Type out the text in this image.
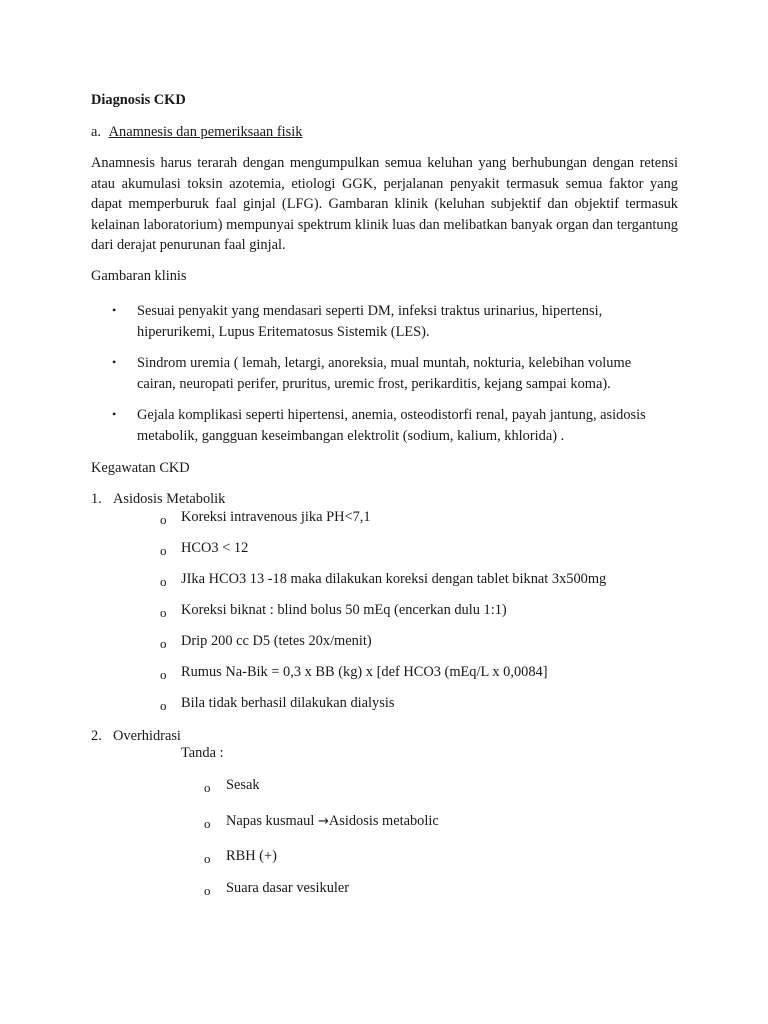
Diagnosis CKD
a. Anamnesis dan pemeriksaan fisik
Anamnesis harus terarah dengan mengumpulkan semua keluhan yang berhubungan dengan retensi atau akumulasi toksin azotemia, etiologi GGK, perjalanan penyakit termasuk semua faktor yang dapat memperburuk faal ginjal (LFG). Gambaran klinik (keluhan subjektif dan objektif termasuk kelainan laboratorium) mempunyai spektrum klinik luas dan melibatkan banyak organ dan tergantung dari derajat penurunan faal ginjal.
Gambaran klinis
•	Sesuai penyakit yang mendasari seperti DM, infeksi traktus urinarius, hipertensi,
hiperurikemi, Lupus Eritematosus Sistemik (LES).
•	Sindrom uremia ( lemah, letargi, anoreksia, mual muntah, nokturia, kelebihan volume
cairan, neuropati perifer, pruritus, uremic frost, perikarditis, kejang sampai koma).
•	Gejala komplikasi seperti hipertensi, anemia, osteodistorfi renal, payah jantung, asidosis
metabolik, gangguan keseimbangan elektrolit (sodium, kalium, khlorida) .
Kegawatan CKD
1. Asidosis Metabolik
o Koreksi intravenous jika PH<7,1
o HCO3 < 12
o JIka HCO3 13 -18 maka dilakukan koreksi dengan tablet biknat 3x500mg
o Koreksi biknat : blind bolus 50 mEq (encerkan dulu 1:1)
o Drip 200 cc D5 (tetes 20x/menit)
o Rumus Na-Bik = 0,3 x BB (kg) x [def HCO3 (mEq/L x 0,0084]
o Bila tidak berhasil dilakukan dialysis
2. Overhidrasi
Tanda :
o Sesak
o Napas kusmaul →Asidosis metabolic
o RBH (+)
o Suara dasar vesikuler
